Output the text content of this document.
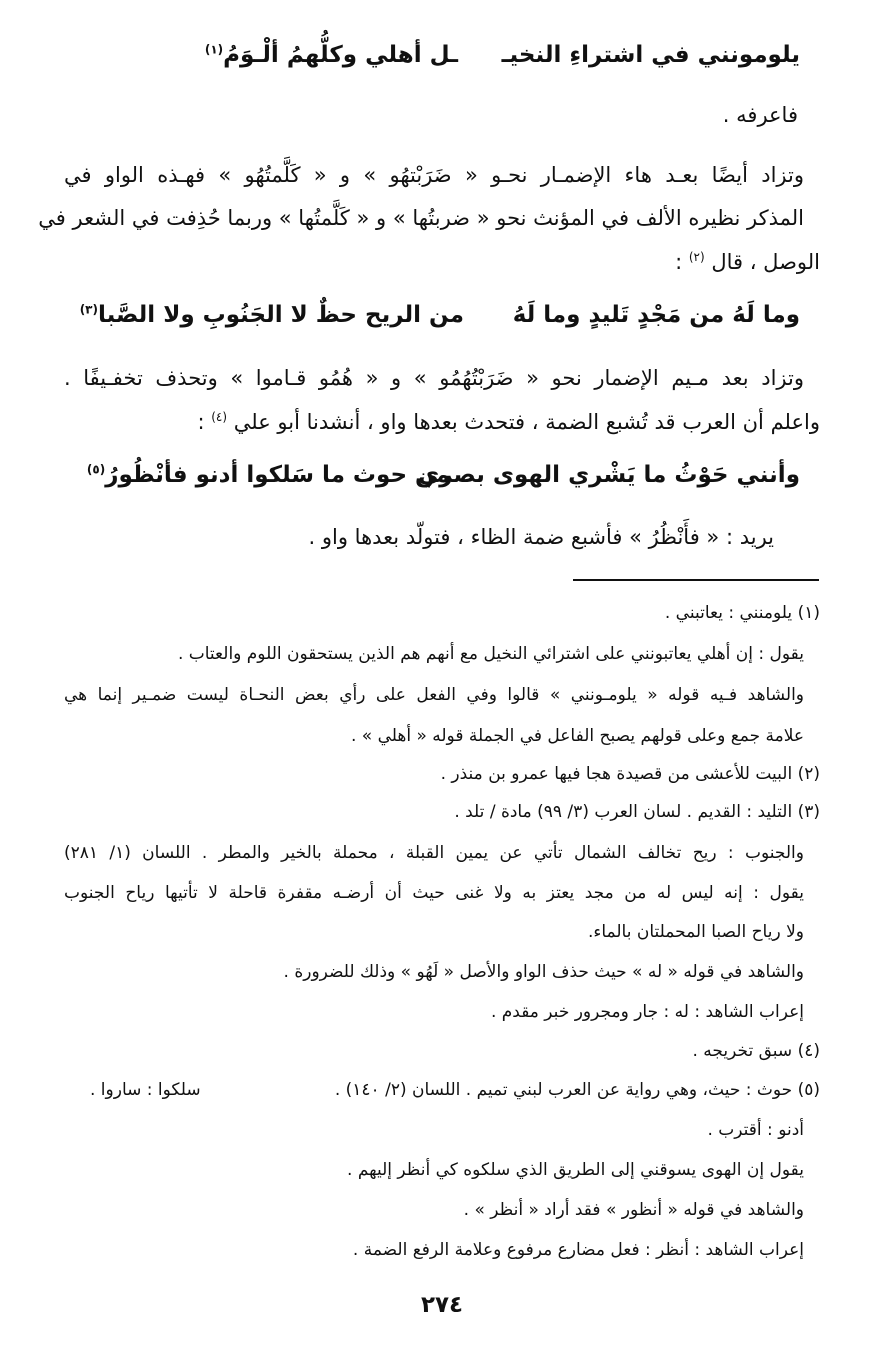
يلومونني في اشتراءِ النخيـ
ـل أهلي وكلُّهمُ ألْـوَمُ$^{(١)}$
فاعرفه .
وتزاد أيضًا بعـد هاء الإضمـار نحـو « ضَرَبْتهُو » و « كَلَّمتُهُو » فهـذه الواو في
المذكر نظيره الألف في المؤنث نحو « ضربتُها » و « كَلَّمتُها » وربما حُذِفت في الشعر في
الوصل ، قال $^{(٢)}$ :
وما لَهُ من مَجْدٍ تَليدٍ وما لَهُ
من الريح حظٌ لا الجَنُوبِ ولا الصَّبا$^{(٣)}$
وتزاد بعد مـيم الإضمار نحو « ضَرَبْتُهُمُو » و « هُمُو قـاموا » وتحذف تخفـيفًا .
واعلم أن العرب قد تُشبع الضمة ، فتحدث بعدها واو ، أنشدنا أبو علي $^{(٤)}$ :
وأنني حَوْثُ ما يَشْري الهوى بصري
من حوث ما سَلكوا أدنو فأنْظُورُ$^{(٥)}$
يريد : « فأَنْظُرُ » فأشبع ضمة الظاء ، فتولّد بعدها واو .
(١) يلومنني : يعاتبني .
يقول : إن أهلي يعاتبونني على اشترائي النخيل مع أنهم هم الذين يستحقون اللوم والعتاب .
والشاهد فـيه قوله « يلومـونني » قالوا وفي الفعل على رأي بعض النحـاة ليست ضمـير إنما هي
علامة جمع وعلى قولهم يصبح الفاعل في الجملة قوله « أهلي » .
(٢) البيت للأعشى من قصيدة هجا فيها عمرو بن منذر .
(٣) التليد : القديم . لسان العرب (٣/ ٩٩) مادة / تلد .
والجنوب : ريح تخالف الشمال تأتي عن يمين القبلة ، محملة بالخير والمطر . اللسان (١/ ٢٨١)
يقول : إنه ليس له من مجد يعتز به ولا غنى حيث أن أرضـه مقفرة قاحلة لا تأتيها رياح الجنوب
ولا رياح الصبا المحملتان بالماء.
والشاهد في قوله « له » حيث حذف الواو والأصل « لَهُو » وذلك للضرورة .
إعراب الشاهد : له : جار ومجرور خبر مقدم .
(٤) سبق تخريجه .
(٥) حوث : حيث، وهي رواية عن العرب لبني تميم . اللسان (٢/ ١٤٠) .
سلكوا : ساروا .
أدنو : أقترب .
يقول إن الهوى يسوقني إلى الطريق الذي سلكوه كي أنظر إليهم .
والشاهد في قوله « أنظور » فقد أراد « أنظر » .
إعراب الشاهد : أنظر : فعل مضارع مرفوع وعلامة الرفع الضمة .
٢٧٤
